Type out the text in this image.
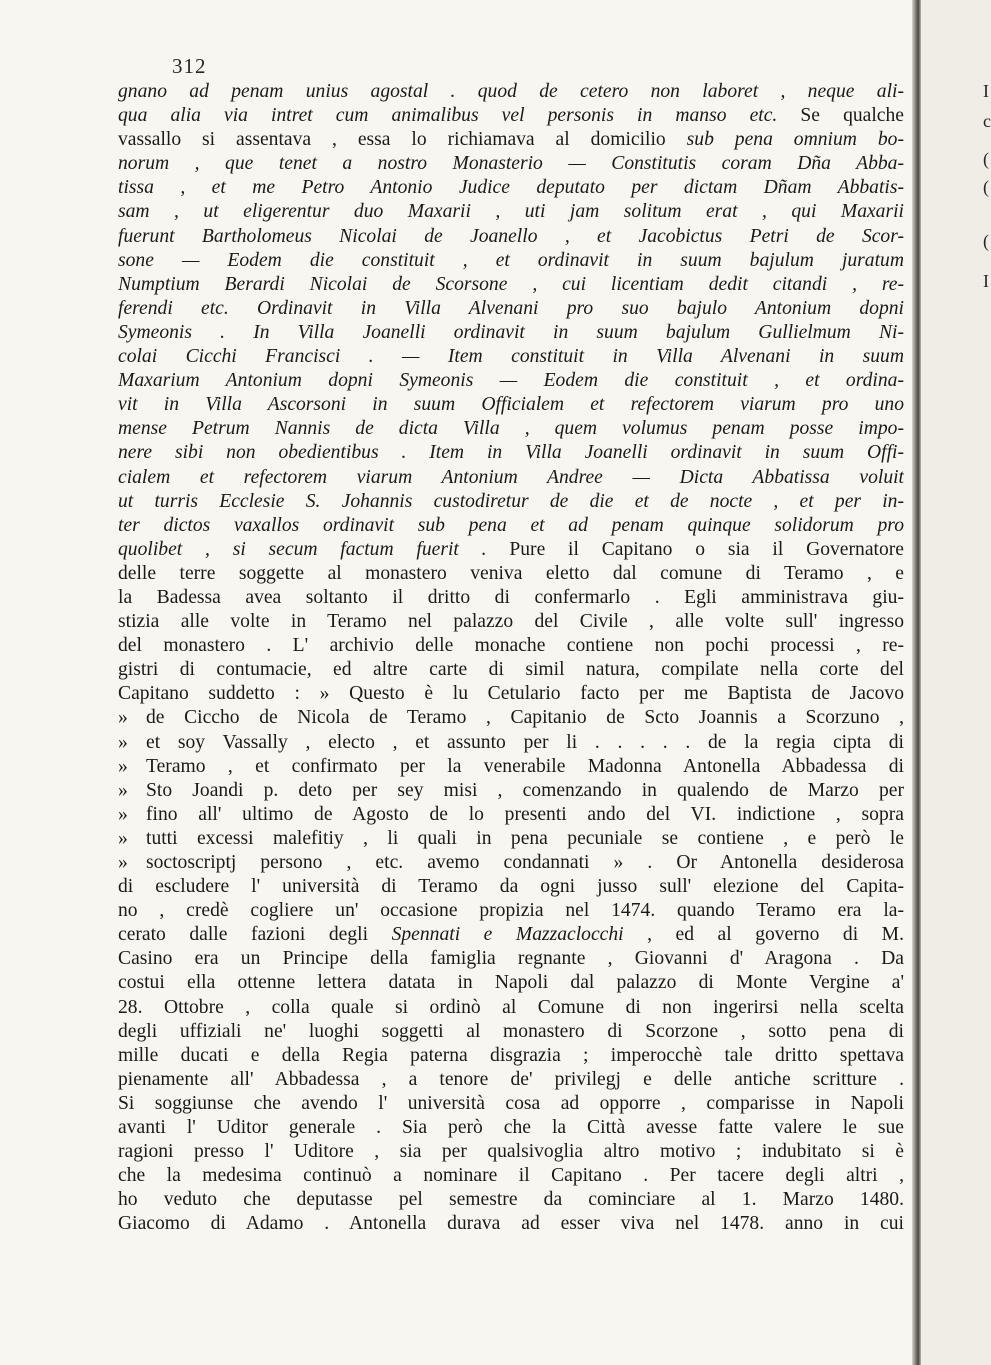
I
c
(
(
(
I
312
gnano ad penam unius agostal . quod de cetero non laboret , neque ali-
qua alia via intret cum animalibus vel personis in manso etc. Se qualche
vassallo si assentava , essa lo richiamava al domicilio sub pena omnium bo-
norum , que tenet a nostro Monasterio — Constitutis coram Dña Abba-
tissa , et me Petro Antonio Judice deputato per dictam Dñam Abbatis-
sam , ut eligerentur duo Maxarii , uti jam solitum erat , qui Maxarii
fuerunt Bartholomeus Nicolai de Joanello , et Jacobictus Petri de Scor-
sone — Eodem die constituit , et ordinavit in suum bajulum juratum
Numptium Berardi Nicolai de Scorsone , cui licentiam dedit citandi , re-
ferendi etc. Ordinavit in Villa Alvenani pro suo bajulo Antonium dopni
Symeonis . In Villa Joanelli ordinavit in suum bajulum Gullielmum Ni-
colai Cicchi Francisci . — Item constituit in Villa Alvenani in suum
Maxarium Antonium dopni Symeonis — Eodem die constituit , et ordina-
vit in Villa Ascorsoni in suum Officialem et refectorem viarum pro uno
mense Petrum Nannis de dicta Villa , quem volumus penam posse impo-
nere sibi non obedientibus . Item in Villa Joanelli ordinavit in suum Offi-
cialem et refectorem viarum Antonium Andree — Dicta Abbatissa voluit
ut turris Ecclesie S. Johannis custodiretur de die et de nocte , et per in-
ter dictos vaxallos ordinavit sub pena et ad penam quinque solidorum pro
quolibet , si secum factum fuerit . Pure il Capitano o sia il Governatore
delle terre soggette al monastero veniva eletto dal comune di Teramo , e
la Badessa avea soltanto il dritto di confermarlo . Egli amministrava giu-
stizia alle volte in Teramo nel palazzo del Civile , alle volte sull' ingresso
del monastero . L' archivio delle monache contiene non pochi processi , re-
gistri di contumacie, ed altre carte di simil natura, compilate nella corte del
Capitano suddetto : » Questo è lu Cetulario facto per me Baptista de Jacovo
» de Ciccho de Nicola de Teramo , Capitanio de Scto Joannis a Scorzuno ,
» et soy Vassally , electo , et assunto per li . . . . . de la regia cipta di
» Teramo , et confirmato per la venerabile Madonna Antonella Abbadessa di
» Sto Joandi p. deto per sey misi , comenzando in qualendo de Marzo per
» fino all' ultimo de Agosto de lo presenti ando del VI. indictione , sopra
» tutti excessi malefitiy , li quali in pena pecuniale se contiene , e però le
» soctoscriptj persono , etc. avemo condannati » . Or Antonella desiderosa
di escludere l' università di Teramo da ogni jusso sull' elezione del Capita-
no , credè cogliere un' occasione propizia nel 1474. quando Teramo era la-
cerato dalle fazioni degli Spennati e Mazzaclocchi , ed al governo di M.
Casino era un Principe della famiglia regnante , Giovanni d' Aragona . Da
costui ella ottenne lettera datata in Napoli dal palazzo di Monte Vergine a'
28. Ottobre , colla quale si ordinò al Comune di non ingerirsi nella scelta
degli uffiziali ne' luoghi soggetti al monastero di Scorzone , sotto pena di
mille ducati e della Regia paterna disgrazia ; imperocchè tale dritto spettava
pienamente all' Abbadessa , a tenore de' privilegj e delle antiche scritture .
Si soggiunse che avendo l' università cosa ad opporre , comparisse in Napoli
avanti l' Uditor generale . Sia però che la Città avesse fatte valere le sue
ragioni presso l' Uditore , sia per qualsivoglia altro motivo ; indubitato si è
che la medesima continuò a nominare il Capitano . Per tacere degli altri ,
ho veduto che deputasse pel semestre da cominciare al 1. Marzo 1480.
Giacomo di Adamo . Antonella durava ad esser viva nel 1478. anno in cui
